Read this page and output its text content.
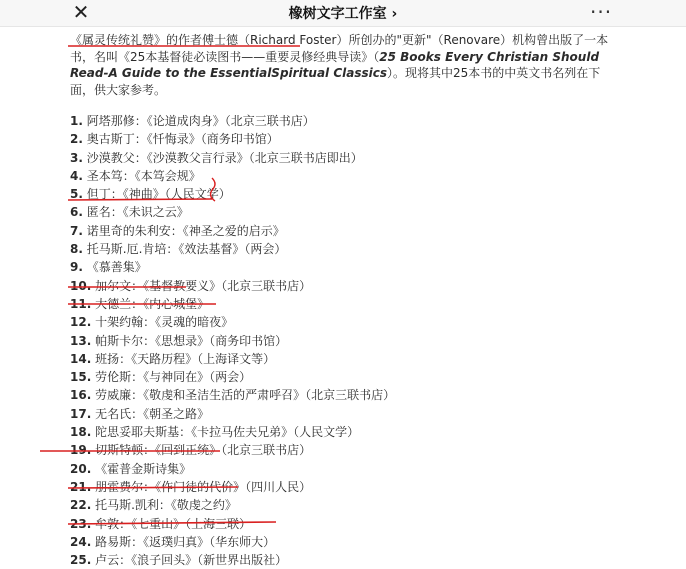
✕	橡树文字工作室 ›	···

《属灵传统礼赞》的作者傅士德（Richard Foster）所创办的"更新"（Renovare）机构曾出版了一本书，名叫《25本基督徒必读图书——重要灵修经典导读》（25 Books Every Christian Should Read-A Guide to the EssentialSpiritual Classics）。现将其中25本书的中英文书名列在下面，供大家参考。

1. 阿塔那修：《论道成肉身》（北京三联书店）
2. 奥古斯丁：《忏悔录》（商务印书馆）
3. 沙漠教父：《沙漠教父言行录》（北京三联书店即出）
4. 圣本笃：《本笃会规》
5. 但丁：《神曲》（人民文学）
6. 匿名：《未识之云》
7. 诺里奇的朱利安：《神圣之爱的启示》
8. 托马斯.厄.肯培：《效法基督》（两会）
9. 《慕善集》
10. 加尔文：《基督教要义》（北京三联书店）
11. 大德兰：《内心城堡》
12. 十架约翰：《灵魂的暗夜》
13. 帕斯卡尔：《思想录》（商务印书馆）
14. 班扬：《天路历程》（上海译文等）
15. 劳伦斯：《与神同在》（两会）
16. 劳威廉：《敬虔和圣洁生活的严肃呼召》（北京三联书店）
17. 无名氏：《朝圣之路》
18. 陀思妥耶夫斯基：《卡拉马佐夫兄弟》（人民文学）
19. 切斯特顿：《回到正统》（北京三联书店）
20. 《霍普金斯诗集》
21. 朋霍费尔：《作门徒的代价》（四川人民）
22. 托马斯.凯利：《敬虔之约》
23. 牟敦：《七重山》（上海三联）
24. 路易斯：《返璞归真》（华东师大）
25. 卢云：《浪子回头》（新世界出版社）
